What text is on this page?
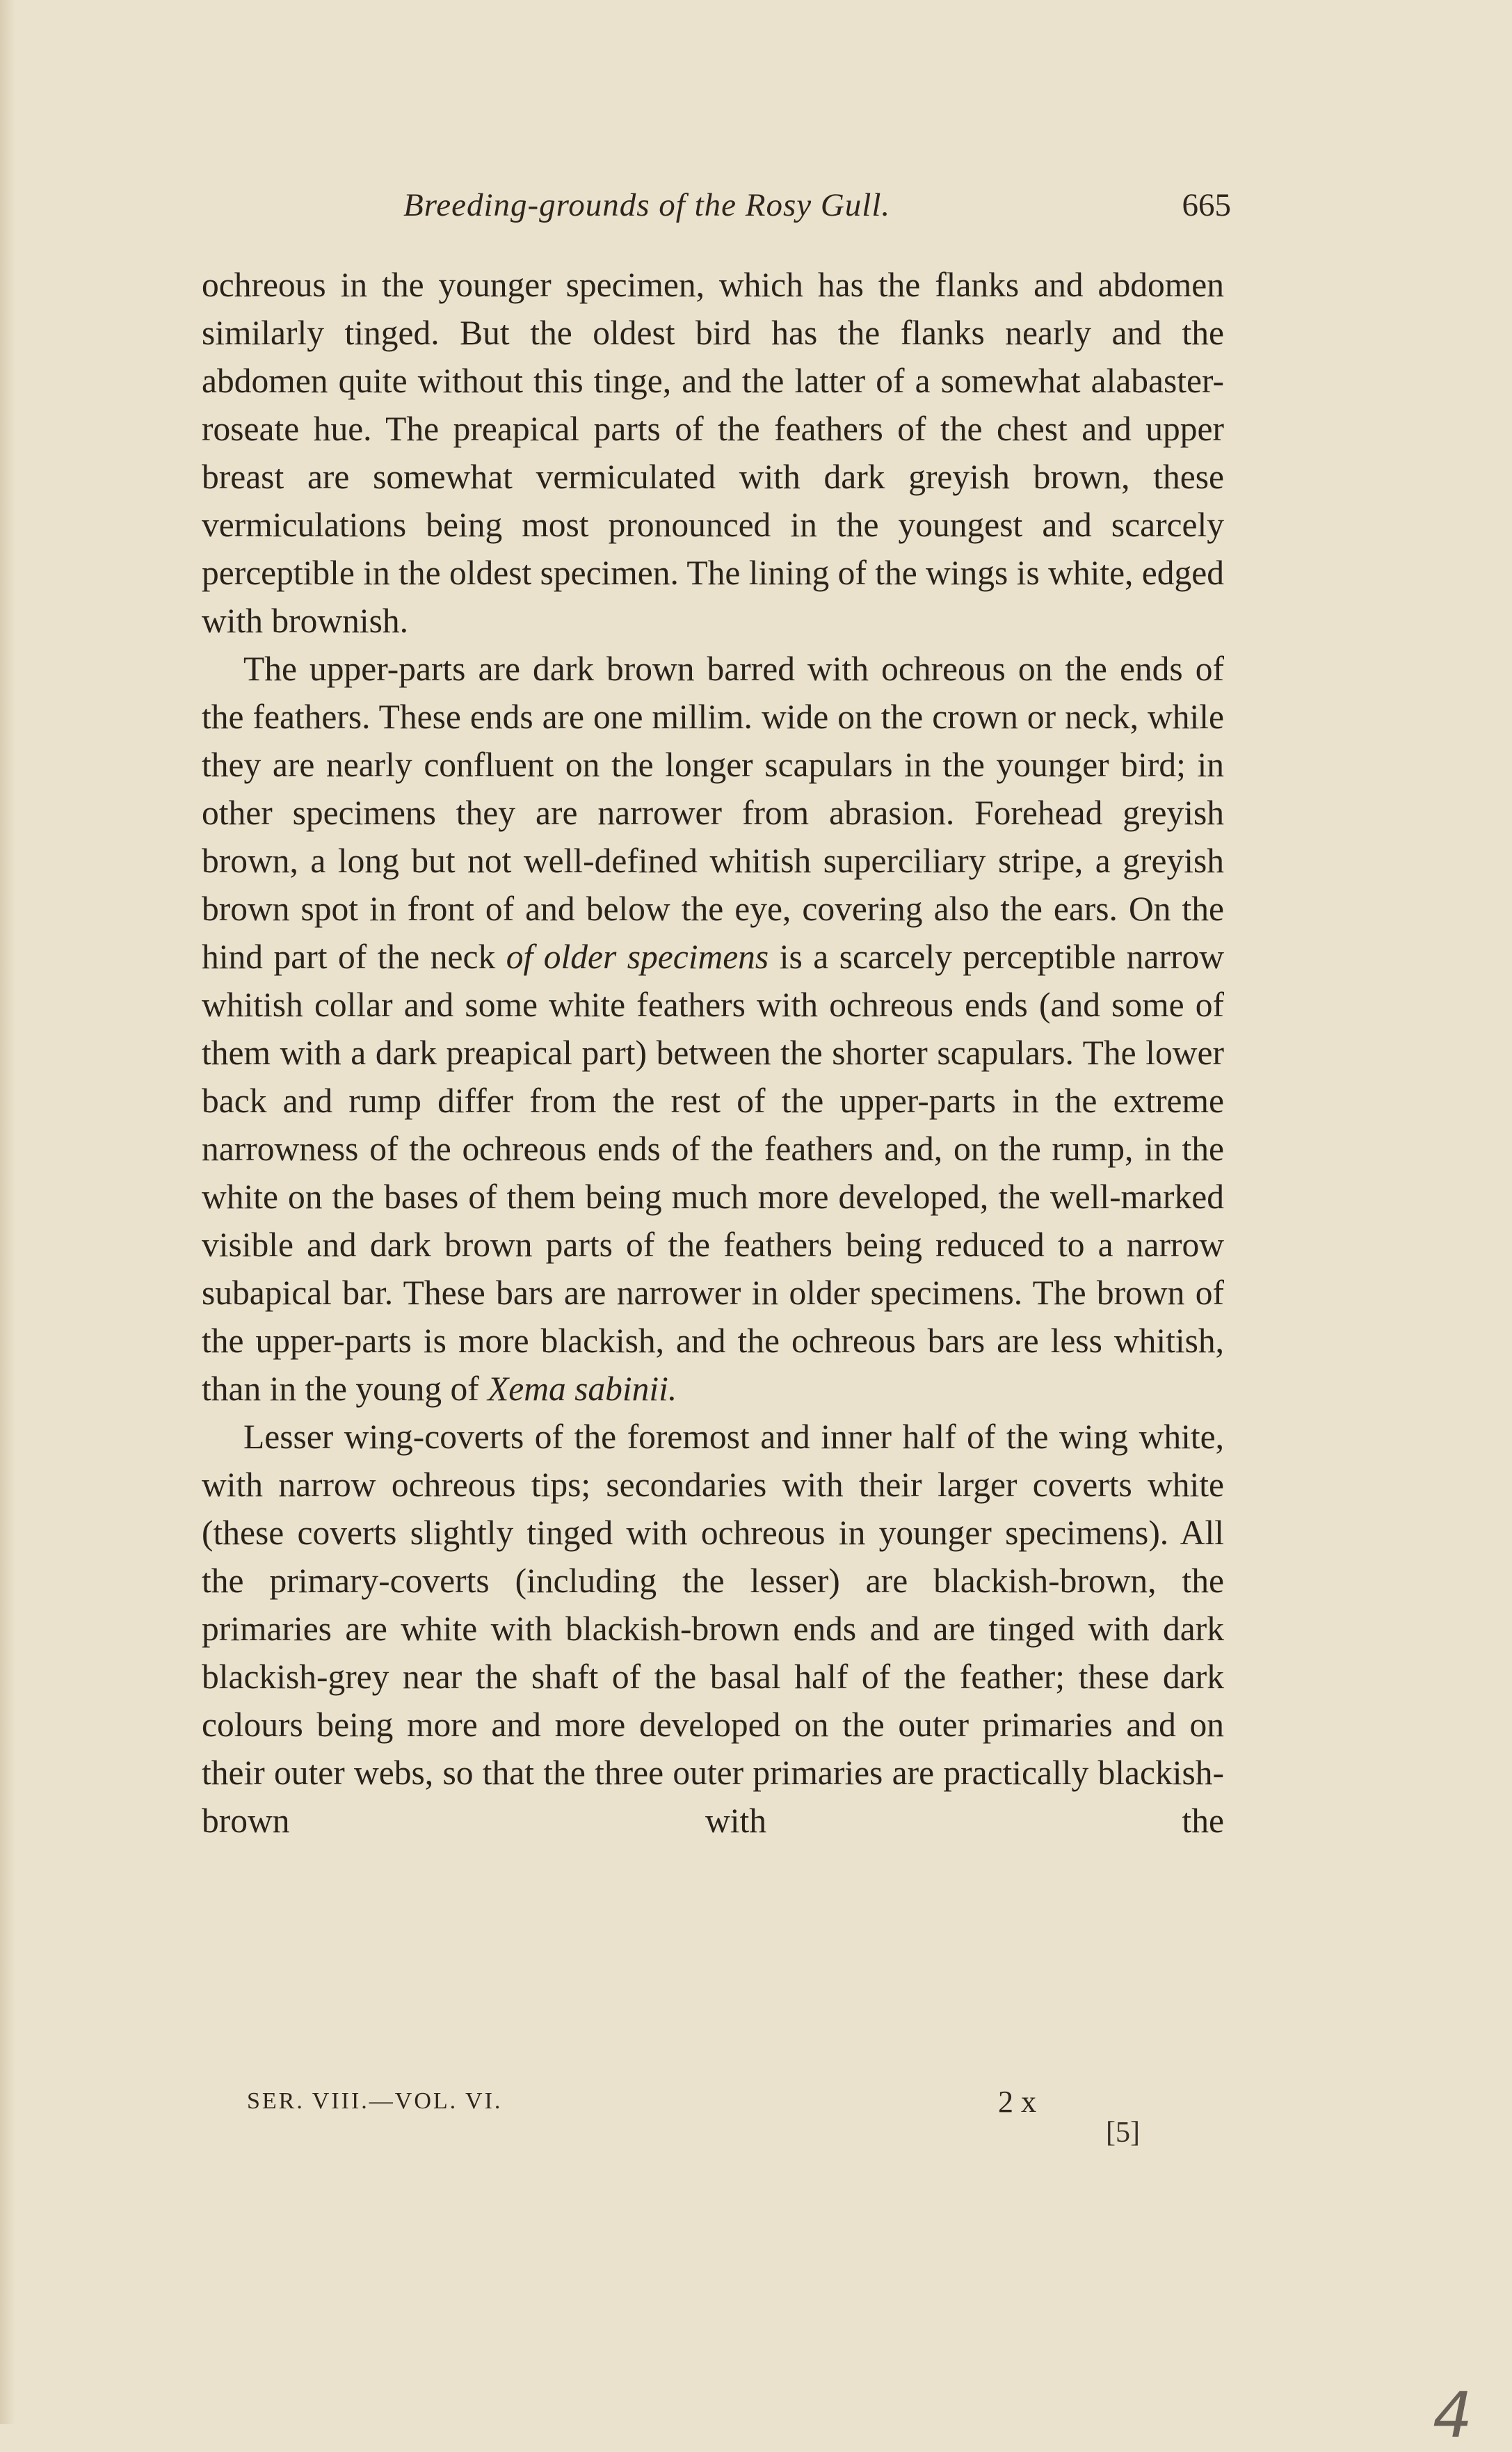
Breeding-grounds of the Rosy Gull.	665

ochreous in the younger specimen, which has the flanks and abdomen similarly tinged. But the oldest bird has the flanks nearly and the abdomen quite without this tinge, and the latter of a somewhat alabaster-roseate hue. The preapical parts of the feathers of the chest and upper breast are somewhat vermiculated with dark greyish brown, these vermiculations being most pronounced in the youngest and scarcely perceptible in the oldest specimen. The lining of the wings is white, edged with brownish.

The upper-parts are dark brown barred with ochreous on the ends of the feathers. These ends are one millim. wide on the crown or neck, while they are nearly confluent on the longer scapulars in the younger bird; in other specimens they are narrower from abrasion. Forehead greyish brown, a long but not well-defined whitish superciliary stripe, a greyish brown spot in front of and below the eye, covering also the ears. On the hind part of the neck of older specimens is a scarcely perceptible narrow whitish collar and some white feathers with ochreous ends (and some of them with a dark preapical part) between the shorter scapulars. The lower back and rump differ from the rest of the upper-parts in the extreme narrowness of the ochreous ends of the feathers and, on the rump, in the white on the bases of them being much more developed, the well-marked visible and dark brown parts of the feathers being reduced to a narrow subapical bar. These bars are narrower in older specimens. The brown of the upper-parts is more blackish, and the ochreous bars are less whitish, than in the young of Xema sabinii.

Lesser wing-coverts of the foremost and inner half of the wing white, with narrow ochreous tips; secondaries with their larger coverts white (these coverts slightly tinged with ochreous in younger specimens). All the primary-coverts (including the lesser) are blackish-brown, the primaries are white with blackish-brown ends and are tinged with dark blackish-grey near the shaft of the basal half of the feather; these dark colours being more and more developed on the outer primaries and on their outer webs, so that the three outer primaries are practically blackish-brown with the

SER. VIII.—VOL. VI.	2 x
[5]
4
